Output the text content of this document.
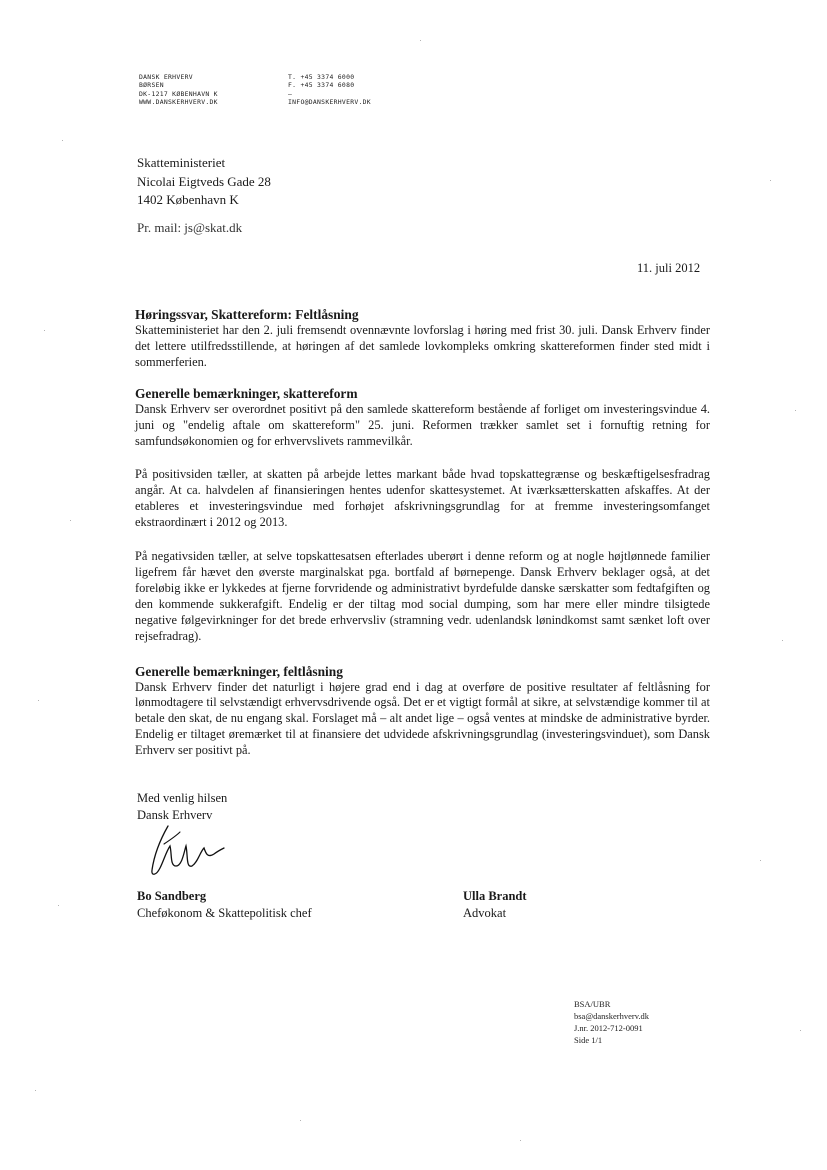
DANSK ERHVERV
BØRSEN
DK-1217 KØBENHAVN K
WWW.DANSKERHVERV.DK
T. +45 3374 6000
F. +45 3374 6080
–
INFO@DANSKERHVERV.DK
Skatteministeriet
Nicolai Eigtveds Gade 28
1402 København K
Pr. mail: js@skat.dk
11. juli 2012
Høringssvar, Skattereform: Feltlåsning

Skatteministeriet har den 2. juli fremsendt ovennævnte lovforslag i høring med frist 30. juli. Dansk Erhverv finder det lettere utilfredsstillende, at høringen af det samlede lovkompleks omkring skattereformen finder sted midt i sommerferien.

Generelle bemærkninger, skattereform

Dansk Erhverv ser overordnet positivt på den samlede skattereform bestående af forliget om investeringsvindue 4. juni og "endelig aftale om skattereform" 25. juni. Reformen trækker samlet set i fornuftig retning for samfundsøkonomien og for erhvervslivets rammevilkår.

På positivsiden tæller, at skatten på arbejde lettes markant både hvad topskattegrænse og beskæftigelsesfradrag angår. At ca. halvdelen af finansieringen hentes udenfor skattesystemet. At iværksætterskatten afskaffes. At der etableres et investeringsvindue med forhøjet afskrivningsgrundlag for at fremme investeringsomfanget ekstraordinært i 2012 og 2013.

På negativsiden tæller, at selve topskattesatsen efterlades uberørt i denne reform og at nogle højtlønnede familier ligefrem får hævet den øverste marginalskat pga. bortfald af børnepenge. Dansk Erhverv beklager også, at det foreløbig ikke er lykkedes at fjerne forvridende og administrativt byrdefulde danske særskatter som fedtafgiften og den kommende sukkerafgift. Endelig er der tiltag mod social dumping, som har mere eller mindre tilsigtede negative følgevirkninger for det brede erhvervsliv (stramning vedr. udenlandsk lønindkomst samt sænket loft over rejsefradrag).

Generelle bemærkninger, feltlåsning

Dansk Erhverv finder det naturligt i højere grad end i dag at overføre de positive resultater af feltlåsning for lønmodtagere til selvstændigt erhvervsdrivende også. Det er et vigtigt formål at sikre, at selvstændige kommer til at betale den skat, de nu engang skal. Forslaget må – alt andet lige – også ventes at mindske de administrative byrder. Endelig er tiltaget øremærket til at finansiere det udvidede afskrivningsgrundlag (investeringsvinduet), som Dansk Erhverv ser positivt på.

Med venlig hilsen
Dansk Erhverv
Bo Sandberg
Cheføkonom & Skattepolitisk chef
Ulla Brandt
Advokat
BSA/UBR
bsa@danskerhverv.dk
J.nr. 2012-712-0091
Side 1/1
